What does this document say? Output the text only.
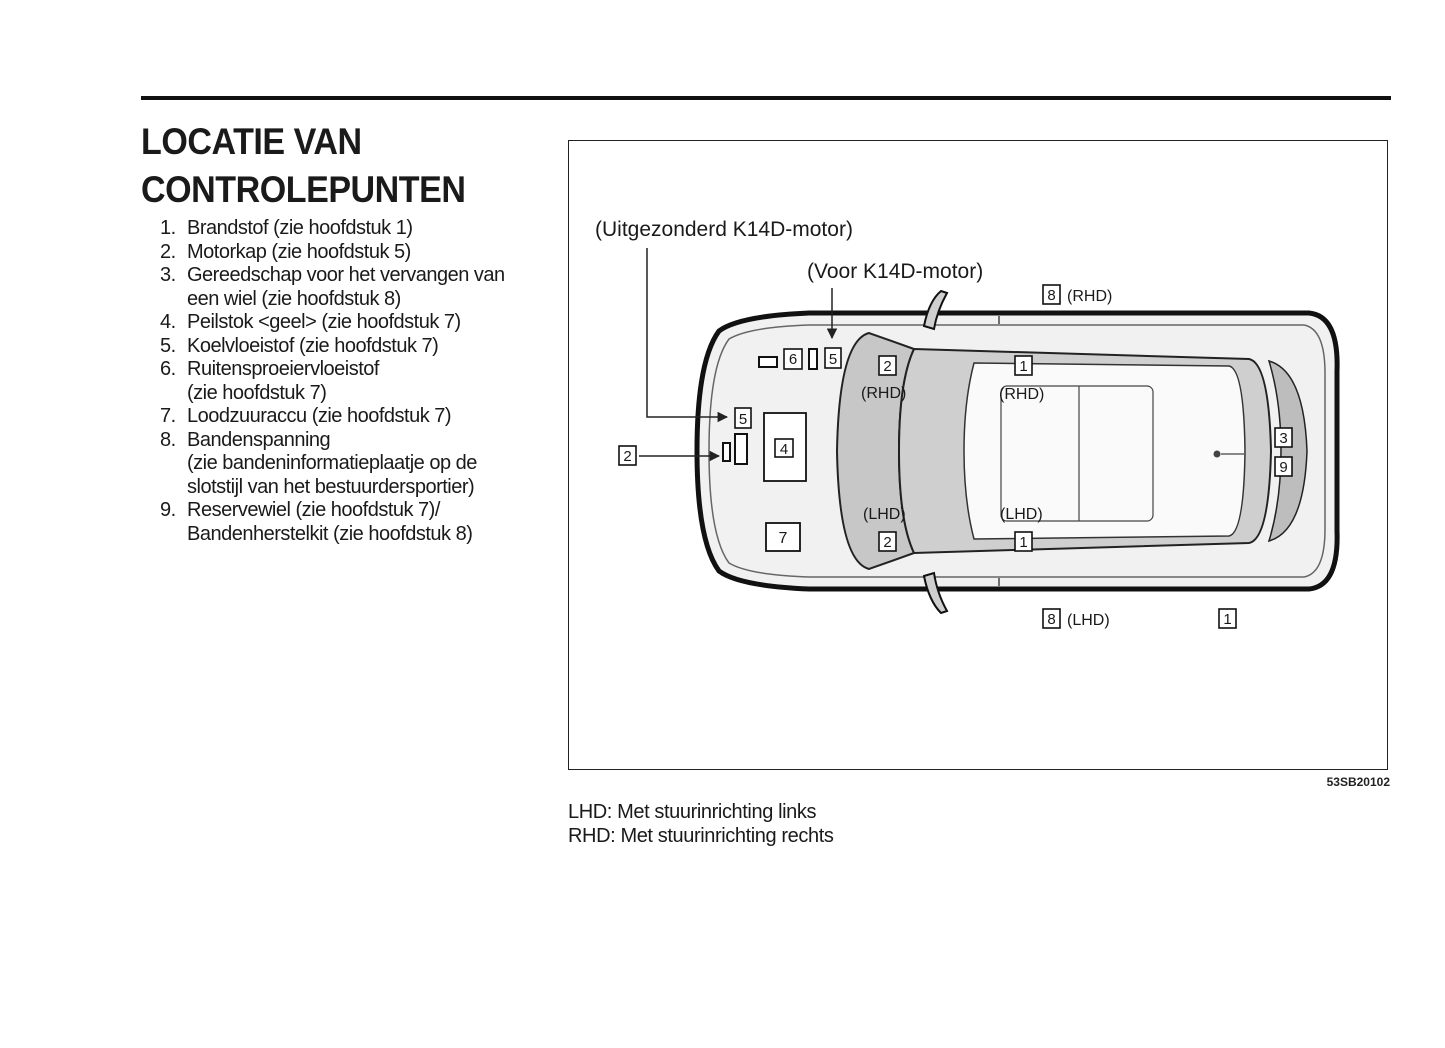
LOCATIE VAN
CONTROLEPUNTEN
1. Brandstof (zie hoofdstuk 1)
2. Motorkap (zie hoofdstuk 5)
3. Gereedschap voor het vervangen van
een wiel (zie hoofdstuk 8)
4. Peilstok <geel> (zie hoofdstuk 7)
5. Koelvloeistof (zie hoofdstuk 7)
6. Ruitensproeiervloeistof
(zie hoofdstuk 7)
7. Loodzuuraccu (zie hoofdstuk 7)
8. Bandenspanning
(zie bandeninformatieplaatje op de
slotstijl van het bestuurdersportier)
9. Reservewiel (zie hoofdstuk 7)/
Bandenherstelkit (zie hoofdstuk 8)
(Uitgezonderd K14D-motor)
(Voor K14D-motor)
(RHD)
(LHD)
(RHD)
(LHD)
(RHD)
(LHD)
1
1
1
2
2
2
3
4
5
5
6
7
8
8
9
53SB20102
LHD: Met stuurinrichting links
RHD: Met stuurinrichting rechts
